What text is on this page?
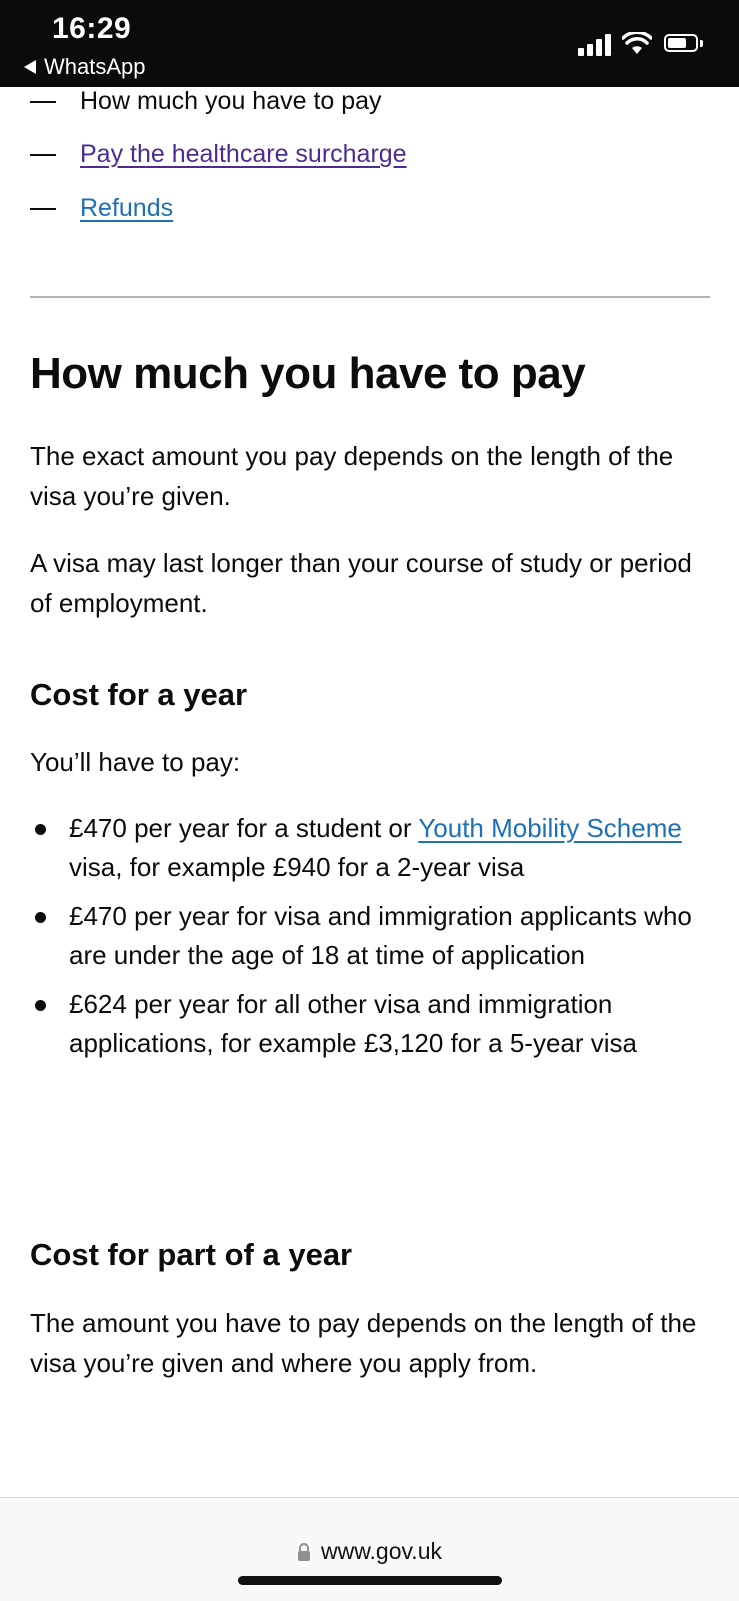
16:29
WhatsApp
How much you have to pay
Pay the healthcare surcharge
Refunds
How much you have to pay

The exact amount you pay depends on the length of the visa you’re given.

A visa may last longer than your course of study or period of employment.

Cost for a year

You’ll have to pay:

£470 per year for a student or Youth Mobility Scheme visa, for example £940 for a 2-year visa
£470 per year for visa and immigration applicants who are under the age of 18 at time of application
£624 per year for all other visa and immigration applications, for example £3,120 for a 5-year visa
Cost for part of a year

The amount you have to pay depends on the length of the visa you’re given and where you apply from.

www.gov.uk
